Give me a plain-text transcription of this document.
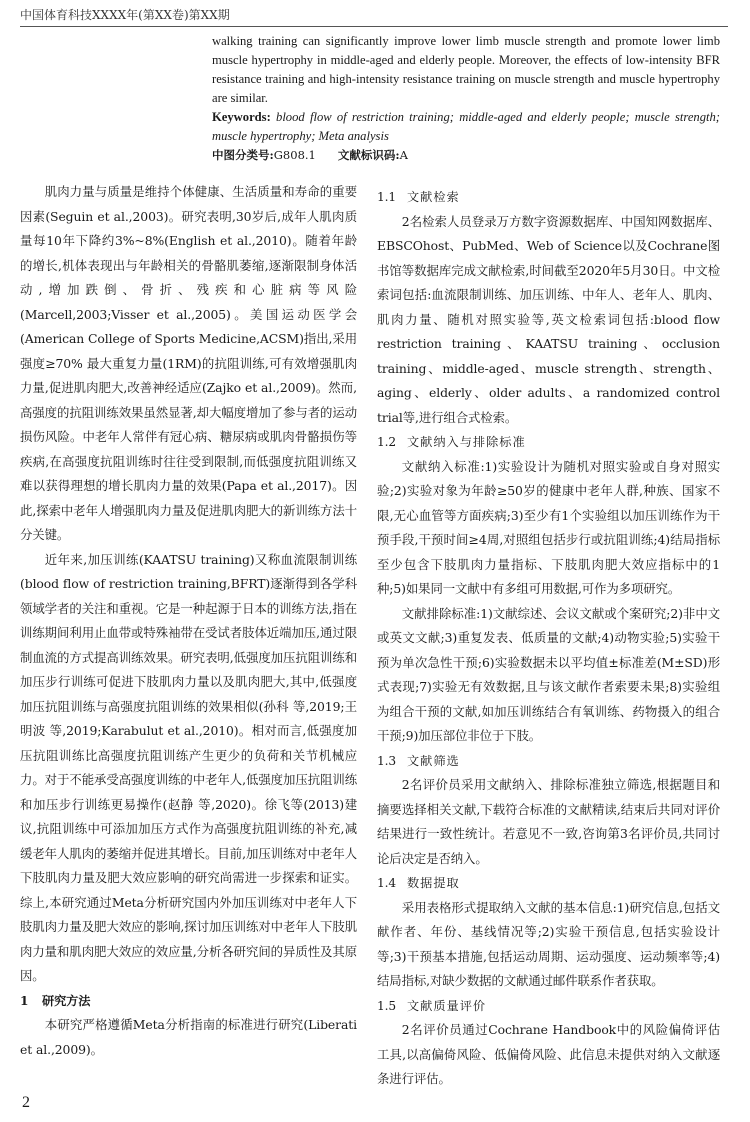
中国体育科技XXXX年(第XX卷)第XX期

walking training can significantly improve lower limb muscle strength and promote lower limb muscle hypertrophy in middle-aged and elderly people. Moreover, the effects of low-intensity BFR resistance training and high-intensity resistance training on muscle strength and muscle hypertrophy are similar.

Keywords: blood flow of restriction training; middle-aged and elderly people; muscle strength; muscle hypertrophy; Meta analysis

中图分类号:G808.1 文献标识码:A

肌肉力量与质量是维持个体健康、生活质量和寿命的重要因素(Seguin et al.,2003)。研究表明,30岁后,成年人肌肉质量每10年下降约3%~8%(English et al.,2010)。随着年龄的增长,机体表现出与年龄相关的骨骼肌萎缩,逐渐限制身体活动,增加跌倒、骨折、残疾和心脏病等风险(Marcell,2003;Visser et al.,2005)。美国运动医学会(American College of Sports Medicine,ACSM)指出,采用强度≥70% 最大重复力量(1RM)的抗阻训练,可有效增强肌肉力量,促进肌肉肥大,改善神经适应(Zajko et al.,2009)。然而,高强度的抗阻训练效果虽然显著,却大幅度增加了参与者的运动损伤风险。中老年人常伴有冠心病、糖尿病或肌肉骨骼损伤等疾病,在高强度抗阻训练时往往受到限制,而低强度抗阻训练又难以获得理想的增长肌肉力量的效果(Papa et al.,2017)。因此,探索中老年人增强肌肉力量及促进肌肉肥大的新训练方法十分关键。

近年来,加压训练(KAATSU training)又称血流限制训练(blood flow of restriction training,BFRT)逐渐得到各学科领域学者的关注和重视。它是一种起源于日本的训练方法,指在训练期间利用止血带或特殊袖带在受试者肢体近端加压,通过限制血流的方式提高训练效果。研究表明,低强度加压抗阻训练和加压步行训练可促进下肢肌肉力量以及肌肉肥大,其中,低强度加压抗阻训练与高强度抗阻训练的效果相似(孙科 等,2019;王明波 等,2019;Karabulut et al.,2010)。相对而言,低强度加压抗阻训练比高强度抗阻训练产生更少的负荷和关节机械应力。对于不能承受高强度训练的中老年人,低强度加压抗阻训练和加压步行训练更易操作(赵静 等,2020)。徐飞等(2013)建议,抗阻训练中可添加加压方式作为高强度抗阻训练的补充,减缓老年人肌肉的萎缩并促进其增长。目前,加压训练对中老年人下肢肌肉力量及肥大效应影响的研究尚需进一步探索和证实。综上,本研究通过Meta分析研究国内外加压训练对中老年人下肢肌肉力量及肥大效应的影响,探讨加压训练对中老年人下肢肌肉力量和肌肉肥大效应的效应量,分析各研究间的异质性及其原因。

1 研究方法

本研究严格遵循Meta分析指南的标准进行研究(Liberati et al.,2009)。

1.1 文献检索

2名检索人员登录万方数字资源数据库、中国知网数据库、EBSCOhost、PubMed、Web of Science以及Cochrane图书馆等数据库完成文献检索,时间截至2020年5月30日。中文检索词包括:血流限制训练、加压训练、中年人、老年人、肌肉、肌肉力量、随机对照实验等,英文检索词包括:blood flow restriction training、KAATSU training、occlusion training、middle-aged、muscle strength、strength、aging、elderly、older adults、a randomized control trial等,进行组合式检索。

1.2 文献纳入与排除标准

文献纳入标准:1)实验设计为随机对照实验或自身对照实验;2)实验对象为年龄≥50岁的健康中老年人群,种族、国家不限,无心血管等方面疾病;3)至少有1个实验组以加压训练作为干预手段,干预时间≥4周,对照组包括步行或抗阻训练;4)结局指标至少包含下肢肌肉力量指标、下肢肌肉肥大效应指标中的1种;5)如果同一文献中有多组可用数据,可作为多项研究。

文献排除标准:1)文献综述、会议文献或个案研究;2)非中文或英文文献;3)重复发表、低质量的文献;4)动物实验;5)实验干预为单次急性干预;6)实验数据未以平均值±标准差(M±SD)形式表现;7)实验无有效数据,且与该文献作者索要未果;8)实验组为组合干预的文献,如加压训练结合有氧训练、药物摄入的组合干预;9)加压部位非位于下肢。

1.3 文献筛选

2名评价员采用文献纳入、排除标准独立筛选,根据题目和摘要选择相关文献,下载符合标准的文献精读,结束后共同对评价结果进行一致性统计。若意见不一致,咨询第3名评价员,共同讨论后决定是否纳入。

1.4 数据提取

采用表格形式提取纳入文献的基本信息:1)研究信息,包括文献作者、年份、基线情况等;2)实验干预信息,包括实验设计等;3)干预基本措施,包括运动周期、运动强度、运动频率等;4)结局指标,对缺少数据的文献通过邮件联系作者获取。

1.5 文献质量评价

2名评价员通过Cochrane Handbook中的风险偏倚评估工具,以高偏倚风险、低偏倚风险、此信息未提供对纳入文献逐条进行评估。

2
